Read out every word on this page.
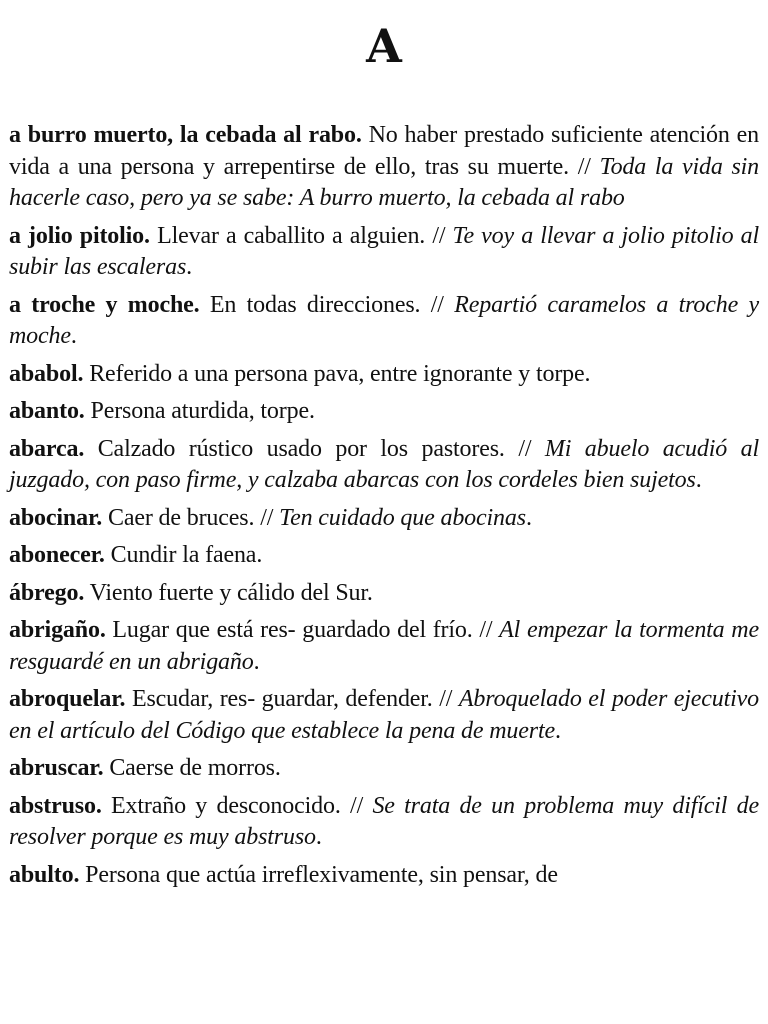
A

a burro muerto, la cebada al rabo. No haber prestado suficiente atención en vida a una persona y arrepentirse de ello, tras su muerte. // Toda la vida sin hacerle caso, pero ya se sabe: A burro muerto, la cebada al rabo

a jolio pitolio. Llevar a caballito a alguien. // Te voy a llevar a jolio pitolio al subir las escaleras.

a troche y moche. En todas direcciones. // Repartió caramelos a troche y moche.

ababol. Referido a una persona pava, entre ignorante y torpe.

abanto. Persona aturdida, torpe.

abarca. Calzado rústico usado por los pastores. // Mi abuelo acudió al juzgado, con paso firme, y calzaba abarcas con los cordeles bien sujetos.

abocinar. Caer de bruces. // Ten cuidado que abocinas.

abonecer. Cundir la faena.

ábrego. Viento fuerte y cálido del Sur.

abrigaño. Lugar que está res- guardado del frío. // Al empezar la tormenta me resguardé en un abrigaño.

abroquelar. Escudar, res- guardar, defender. // Abroquelado el poder ejecutivo en el artículo del Código que establece la pena de muerte.

abruscar. Caerse de morros.

abstruso. Extraño y desconocido. // Se trata de un problema muy difícil de resolver porque es muy abstruso.

abulto. Persona que actúa irreflexivamente, sin pensar, de
